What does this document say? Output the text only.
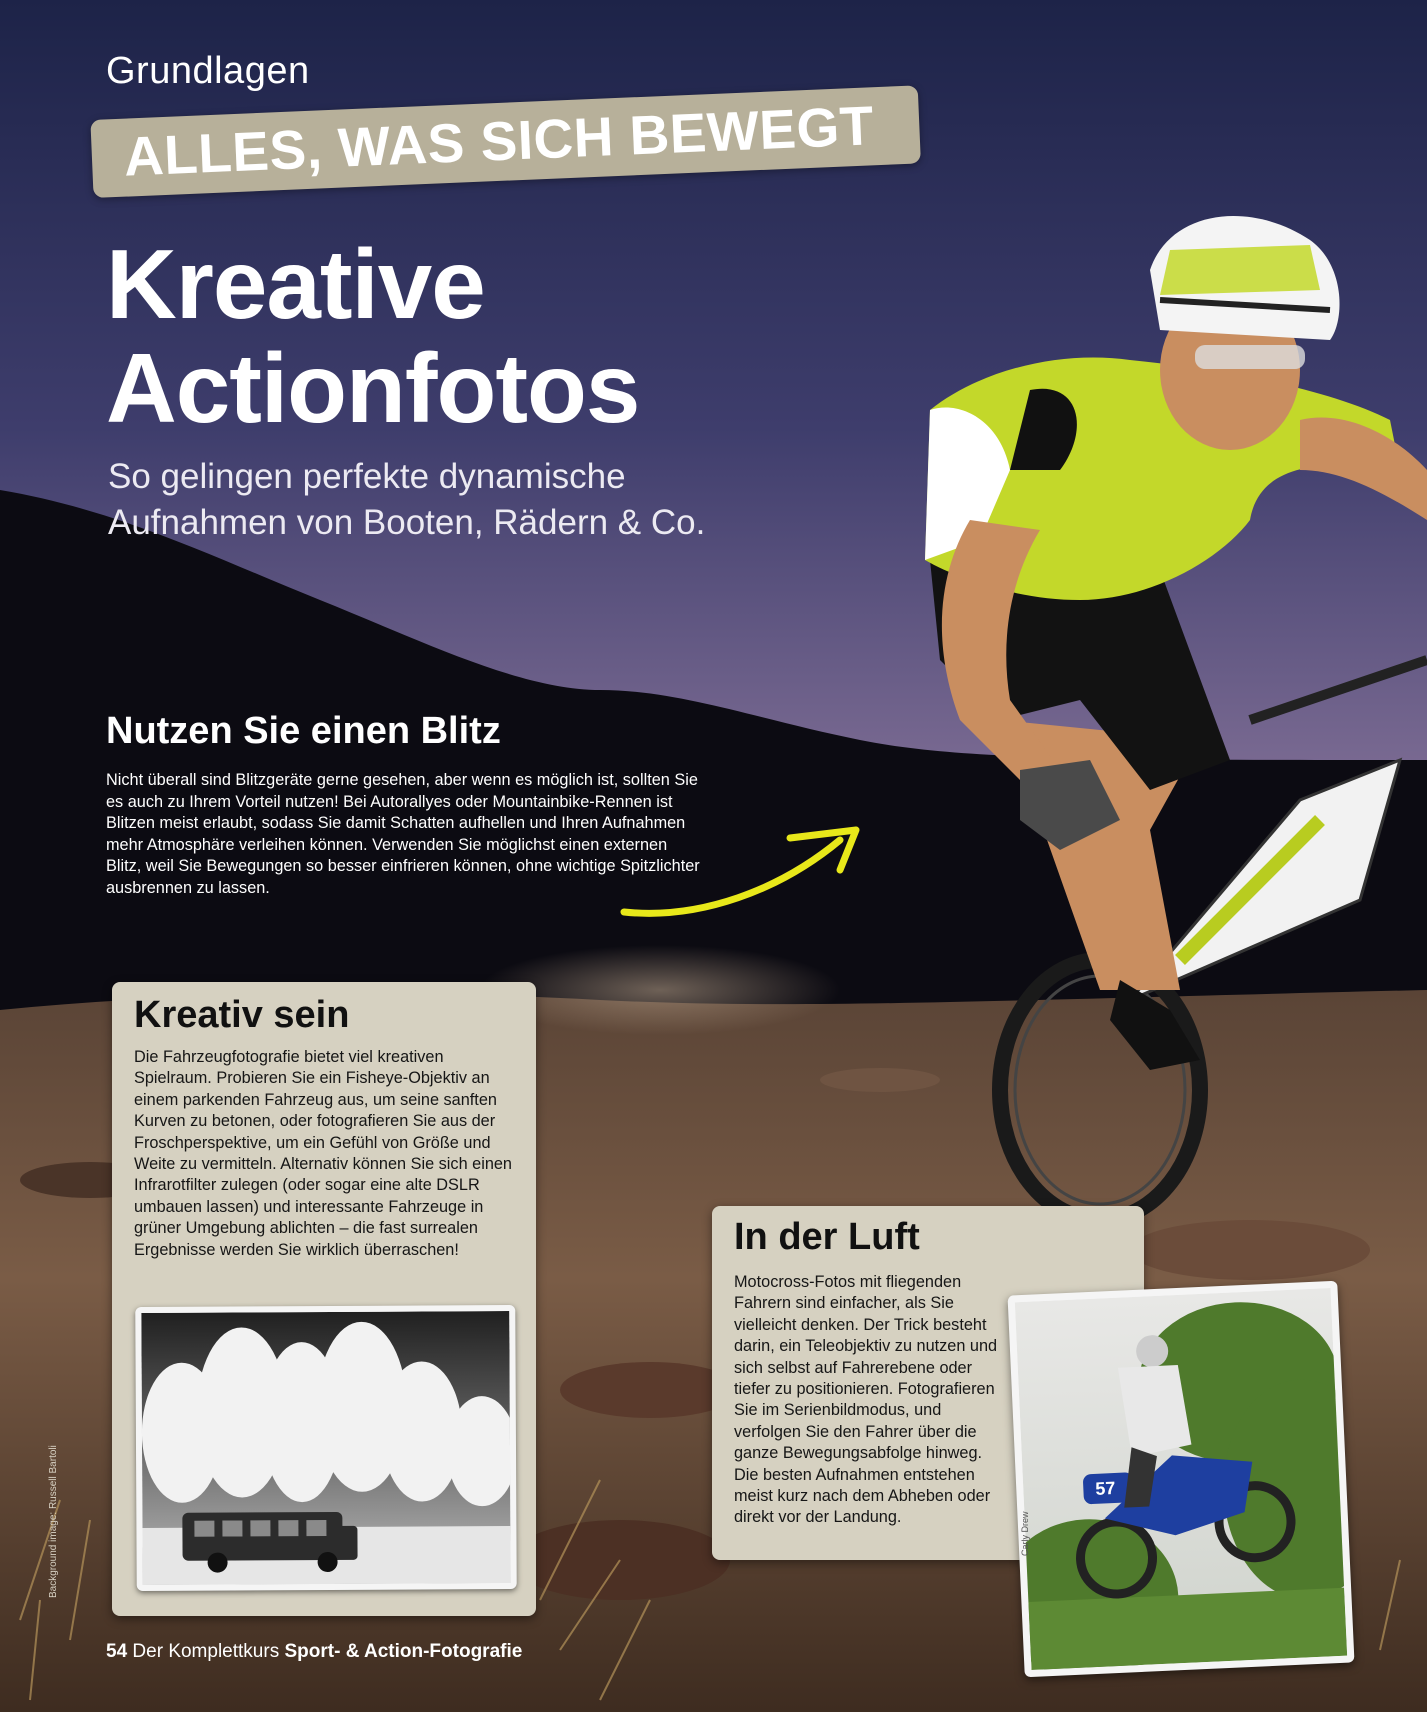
Grundlagen
ALLES, WAS SICH BEWEGT
Kreative
Actionfotos
So gelingen perfekte dynamische
Aufnahmen von Booten, Rädern & Co.
Nutzen Sie einen Blitz
Nicht überall sind Blitzgeräte gerne gesehen, aber wenn es möglich ist, sollten Sie es auch zu Ihrem Vorteil nutzen! Bei Autorallyes oder Mountainbike-Rennen ist Blitzen meist erlaubt, sodass Sie damit Schatten aufhellen und Ihren Aufnahmen mehr Atmosphäre verleihen können. Verwenden Sie möglichst einen externen Blitz, weil Sie Bewegungen so besser einfrieren können, ohne wichtige Spitzlichter ausbrennen zu lassen.
Kreativ sein
Die Fahrzeugfotografie bietet viel kreativen Spielraum. Probieren Sie ein Fisheye-Objektiv an einem parkenden Fahrzeug aus, um seine sanften Kurven zu betonen, oder fotografieren Sie aus der Froschperspektive, um ein Gefühl von Größe und Weite zu vermitteln. Alternativ können Sie sich einen Infrarotfilter zulegen (oder sogar eine alte DSLR umbauen lassen) und interessante Fahrzeuge in grüner Umgebung ablichten – die fast surrealen Ergebnisse werden Sie wirklich überraschen!	In der Luft
Motocross-Fotos mit fliegenden Fahrern sind einfacher, als Sie vielleicht denken. Der Trick besteht darin, ein Teleobjektiv zu nutzen und sich selbst auf Fahrerebene oder tiefer zu positionieren. Fotografieren Sie im Serienbildmodus, und verfolgen Sie den Fahrer über die ganze Bewegungsabfolge hinweg. Die besten Aufnahmen entstehen meist kurz nach dem Abheben oder direkt vor der Landung.
57
Background image: Russell Bartoli	Carly Drew
54 Der Komplettkurs Sport- & Action-Fotografie
